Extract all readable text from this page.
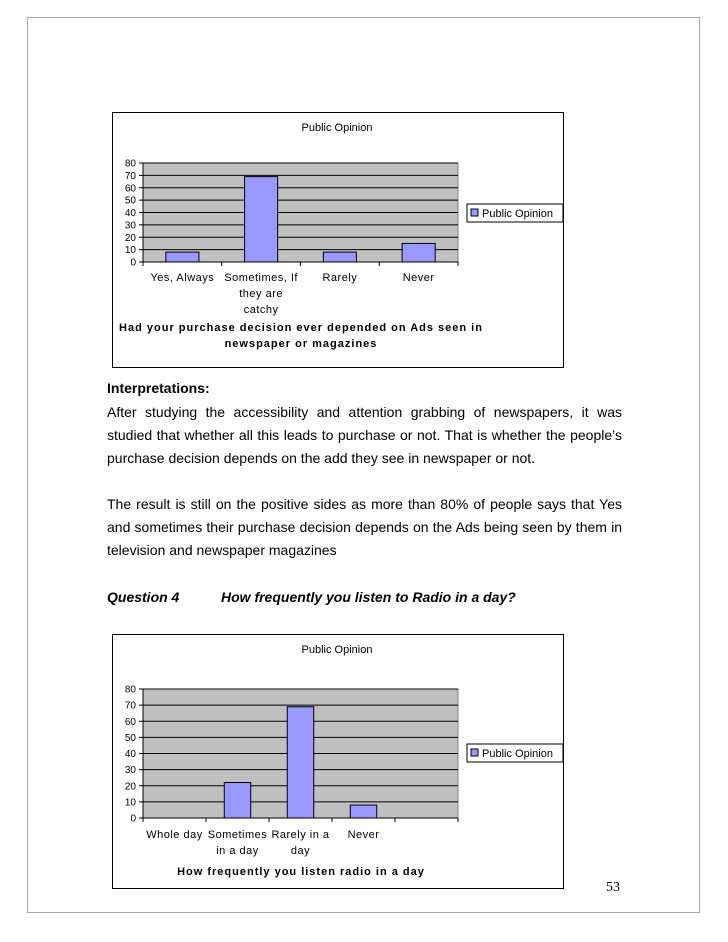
Public Opinion
0
10
20
30
40
50
60
70
80
Yes, Always Sometimes, If
they are
catchy
Rarely	Never
Had your purchase decision ever depended on Ads seen in
newspaper or magazines
Public Opinion
Interpretations:

After studying the accessibility and attention grabbing of newspapers, it was studied that whether all this leads to purchase or not. That is whether the people’s purchase decision depends on the add they see in newspaper or not.

The result is still on the positive sides as more than 80% of people says that Yes and sometimes their purchase decision depends on the Ads being seen by them in television and newspaper magazines

Question 4	How frequently you listen to Radio in a day?

Public Opinion
0
10
20
30
40
50
60
70
80
Whole day Sometimes
in a day
Rarely in a
day
Never
How frequently you listen radio in a day
Public Opinion

53
